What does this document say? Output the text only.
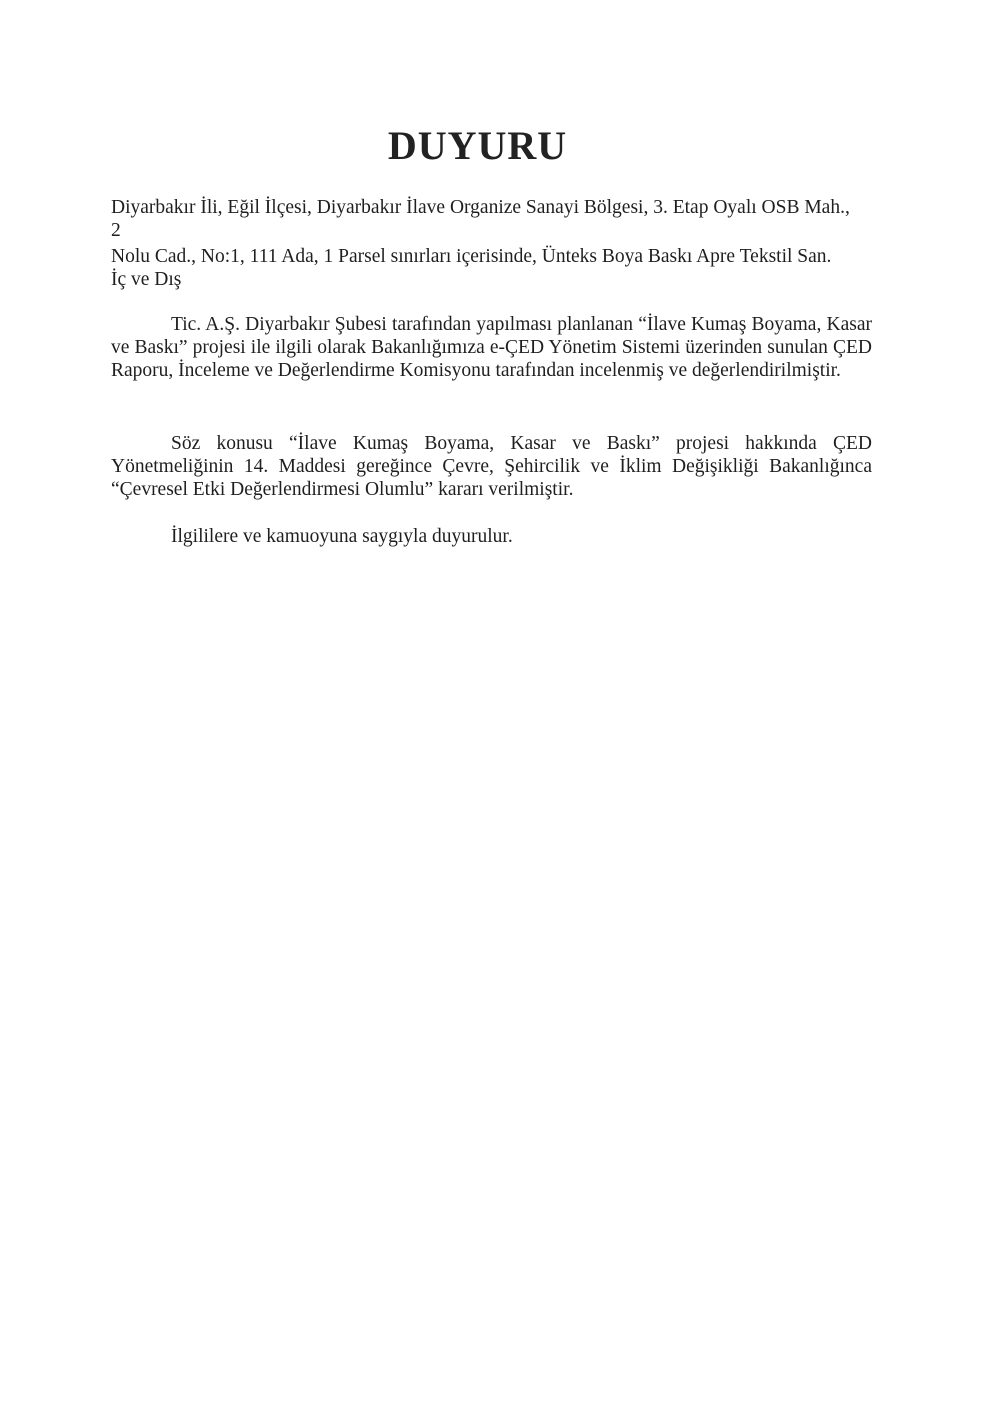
DUYURU
Diyarbakır İli, Eğil İlçesi, Diyarbakır İlave Organize Sanayi Bölgesi, 3. Etap Oyalı OSB Mah.,
2
Nolu Cad., No:1, 111 Ada, 1 Parsel sınırları içerisinde, Ünteks Boya Baskı Apre Tekstil San.
İç ve Dış
Tic. A.Ş. Diyarbakır Şubesi tarafından yapılması planlanan “İlave Kumaş Boyama, Kasar ve Baskı” projesi ile ilgili olarak Bakanlığımıza e-ÇED Yönetim Sistemi üzerinden sunulan ÇED Raporu, İnceleme ve Değerlendirme Komisyonu tarafından incelenmiş ve değerlendirilmiştir.
Söz konusu “İlave Kumaş Boyama, Kasar ve Baskı” projesi hakkında ÇED Yönetmeliğinin 14. Maddesi gereğince Çevre, Şehircilik ve İklim Değişikliği Bakanlığınca “Çevresel Etki Değerlendirmesi Olumlu” kararı verilmiştir.
İlgililere ve kamuoyuna saygıyla duyurulur.
